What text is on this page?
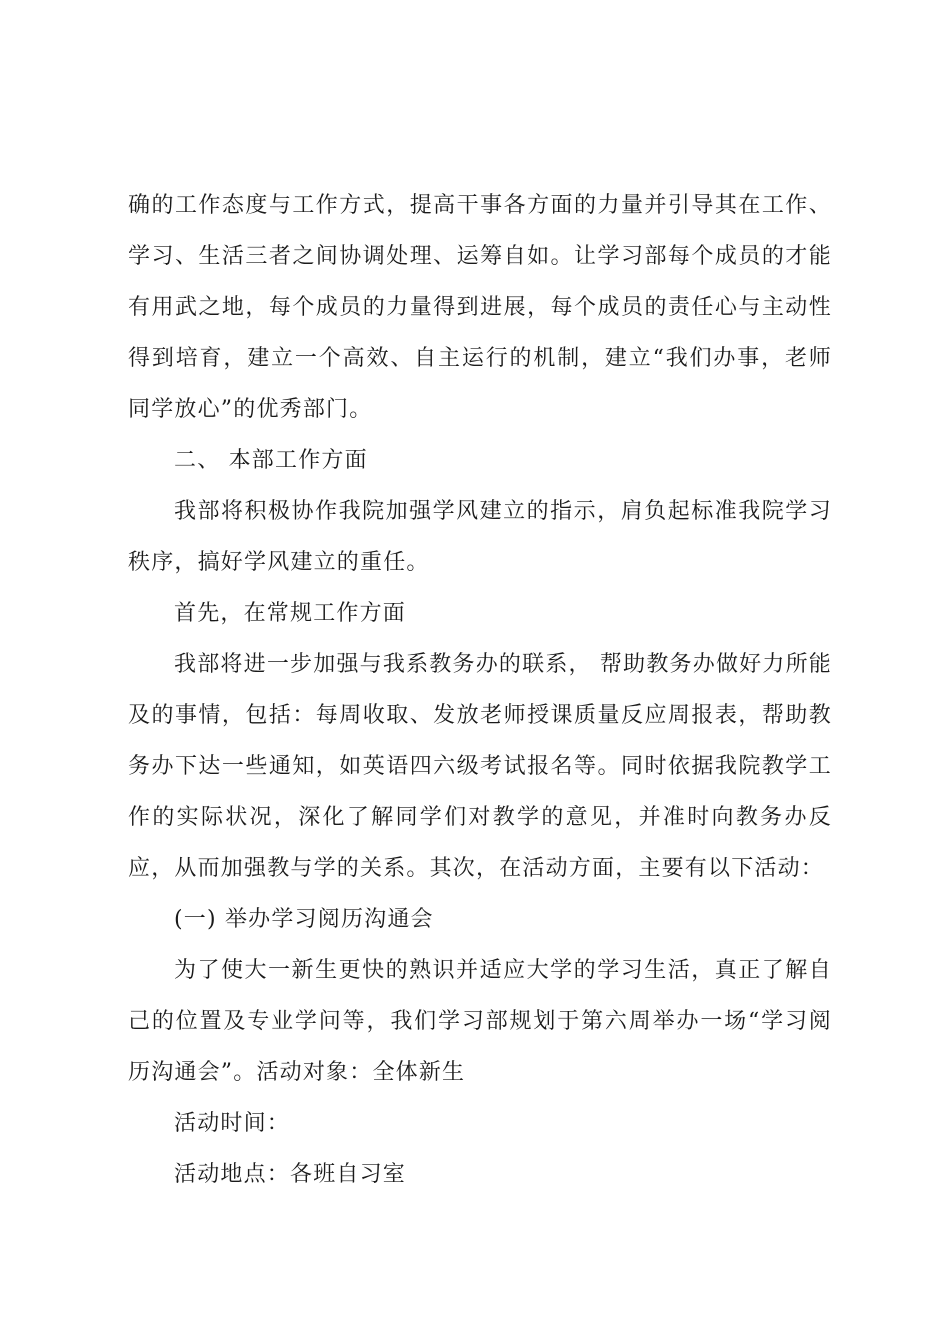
确的工作态度与工作方式，提高干事各方面的力量并引导其在工作、学习、生活三者之间协调处理、运筹自如。让学习部每个成员的才能有用武之地，每个成员的力量得到进展，每个成员的责任心与主动性得到培育，建立一个高效、自主运行的机制，建立“我们办事，老师同学放心”的优秀部门。

二、 本部工作方面

我部将积极协作我院加强学风建立的指示，肩负起标准我院学习秩序，搞好学风建立的重任。

首先，在常规工作方面

我部将进一步加强与我系教务办的联系， 帮助教务办做好力所能及的事情，包括：每周收取、发放老师授课质量反应周报表，帮助教务办下达一些通知，如英语四六级考试报名等。同时依据我院教学工作的实际状况，深化了解同学们对教学的意见，并准时向教务办反应，从而加强教与学的关系。其次，在活动方面，主要有以下活动：

(一) 举办学习阅历沟通会

为了使大一新生更快的熟识并适应大学的学习生活，真正了解自己的位置及专业学问等，我们学习部规划于第六周举办一场“学习阅历沟通会”。活动对象：全体新生

活动时间：

活动地点：各班自习室
